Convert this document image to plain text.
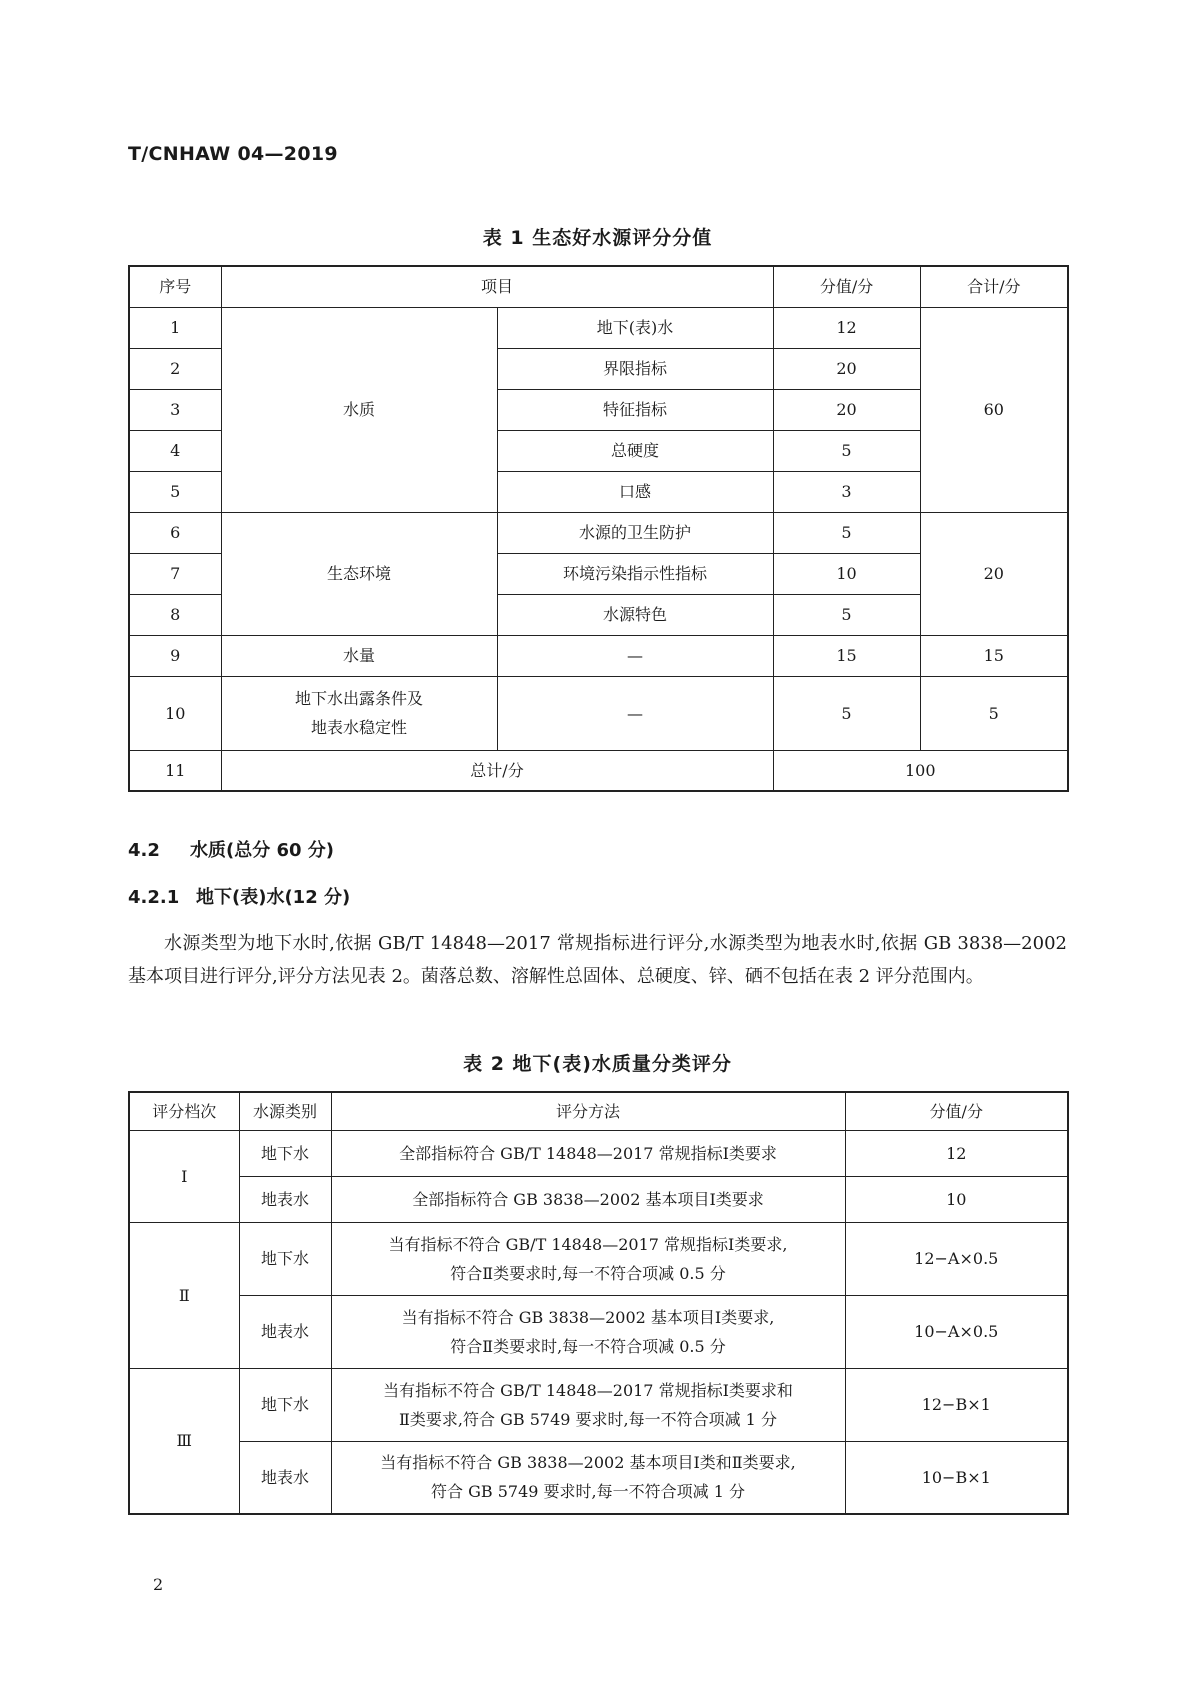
T/CNHAW 04—2019
表 1 生态好水源评分分值
序号	项目		分值/分	合计/分
1	水质	地下(表)水	12	60
2		界限指标	20	
3		特征指标	20	
4		总硬度	5	
5		口感	3	
6	生态环境	水源的卫生防护	5	20
7		环境污染指示性指标	10	
8		水源特色	5	
9	水量	—	15	15
10	地下水出露条件及
地表水稳定性	—	5	5
11	总计/分		100	
4.2 水质(总分 60 分)
4.2.1 地下(表)水(12 分)

水源类型为地下水时,依据 GB/T 14848—2017 常规指标进行评分,水源类型为地表水时,依据 GB 3838—2002 基本项目进行评分,评分方法见表 2。菌落总数、溶解性总固体、总硬度、锌、硒不包括在表 2 评分范围内。

表 2 地下(表)水质量分类评分
评分档次	水源类别	评分方法	分值/分
Ⅰ	地下水	全部指标符合 GB/T 14848—2017 常规指标Ⅰ类要求	12
	地表水	全部指标符合 GB 3838—2002 基本项目Ⅰ类要求	10
Ⅱ	地下水	当有指标不符合 GB/T 14848—2017 常规指标Ⅰ类要求,
符合Ⅱ类要求时,每一不符合项减 0.5 分	12−A×0.5
	地表水	当有指标不符合 GB 3838—2002 基本项目Ⅰ类要求,
符合Ⅱ类要求时,每一不符合项减 0.5 分	10−A×0.5
Ⅲ	地下水	当有指标不符合 GB/T 14848—2017 常规指标Ⅰ类要求和
Ⅱ类要求,符合 GB 5749 要求时,每一不符合项减 1 分	12−B×1
	地表水	当有指标不符合 GB 3838—2002 基本项目Ⅰ类和Ⅱ类要求,
符合 GB 5749 要求时,每一不符合项减 1 分	10−B×1
2
